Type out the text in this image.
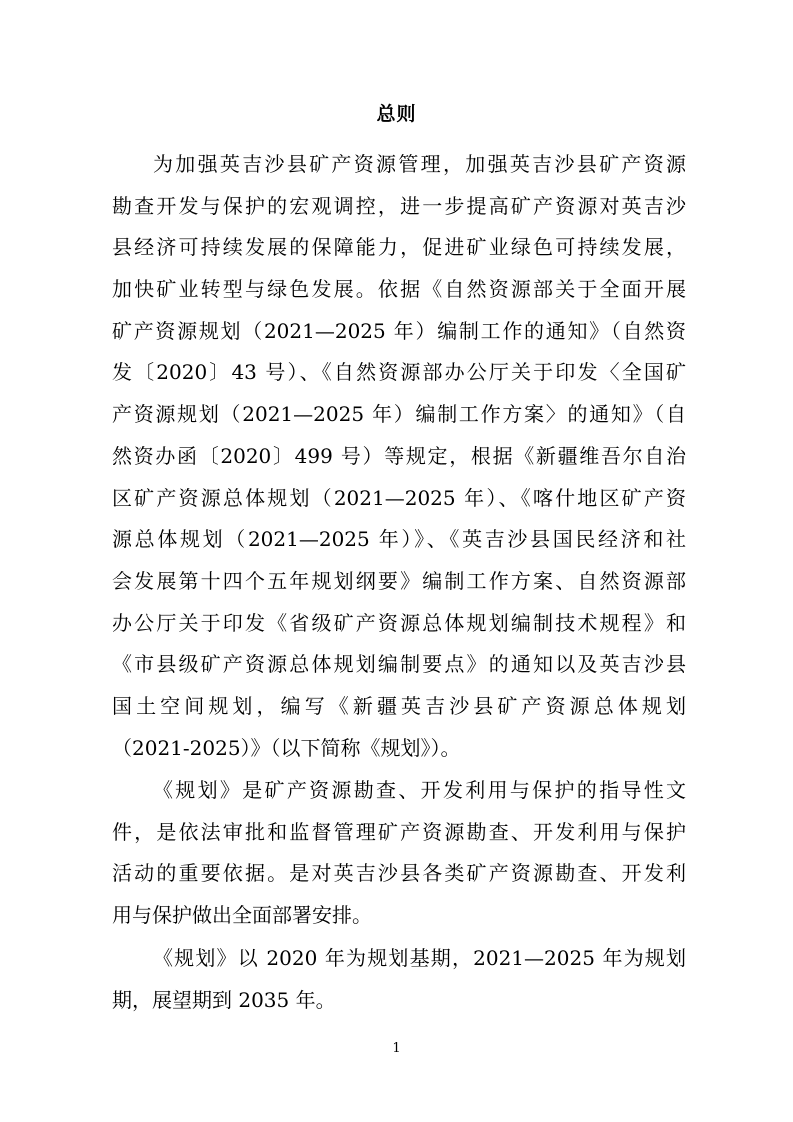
总则
为加强英吉沙县矿产资源管理，加强英吉沙县矿产资源
勘查开发与保护的宏观调控，进一步提高矿产资源对英吉沙
县经济可持续发展的保障能力，促进矿业绿色可持续发展，
加快矿业转型与绿色发展。依据《自然资源部关于全面开展
矿产资源规划（2021—2025 年）编制工作的通知》（自然资
发〔2020〕43 号）、《自然资源部办公厅关于印发〈全国矿
产资源规划（2021—2025 年）编制工作方案〉的通知》（自
然资办函〔2020〕499 号）等规定，根据《新疆维吾尔自治
区矿产资源总体规划（2021—2025 年）、《喀什地区矿产资
源总体规划（2021—2025 年）》、《英吉沙县国民经济和社
会发展第十四个五年规划纲要》编制工作方案、自然资源部
办公厅关于印发《省级矿产资源总体规划编制技术规程》和
《市县级矿产资源总体规划编制要点》的通知以及英吉沙县
国土空间规划，编写《新疆英吉沙县矿产资源总体规划
（2021-2025）》（以下简称《规划》）。
《规划》是矿产资源勘查、开发利用与保护的指导性文
件，是依法审批和监督管理矿产资源勘查、开发利用与保护
活动的重要依据。是对英吉沙县各类矿产资源勘查、开发利
用与保护做出全面部署安排。
《规划》以 2020 年为规划基期，2021—2025 年为规划
期，展望期到 2035 年。
1
